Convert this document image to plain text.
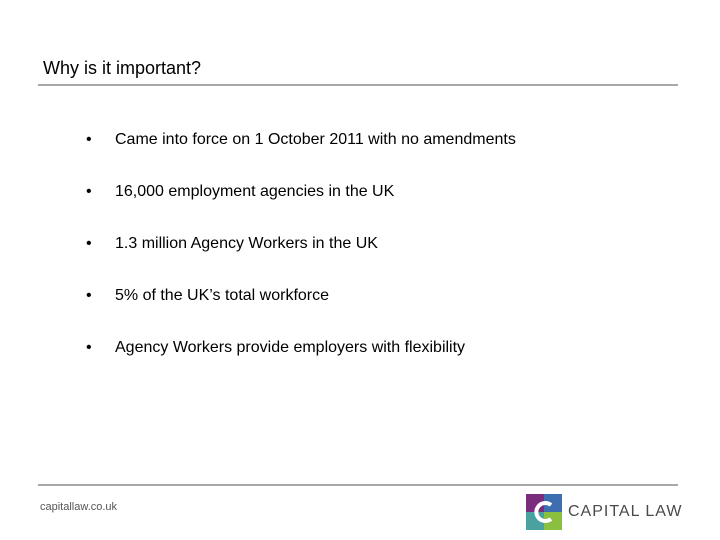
Why is it important?
• Came into force on 1 October 2011 with no amendments
• 16,000 employment agencies in the UK
• 1.3 million Agency Workers in the UK
• 5% of the UK’s total workforce
• Agency Workers provide employers with flexibility
capitallaw.co.uk	CAPITAL LAW
